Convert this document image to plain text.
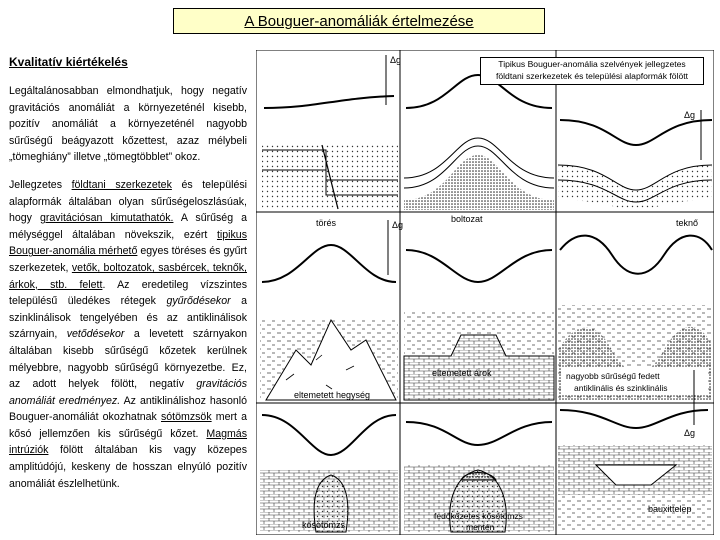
A Bouguer-anomáliák értelmezése
Kvalitatív kiértékelés

Legáltalánosabban elmondhatjuk, hogy negatív gravitációs anomáliát a környezeténél kisebb, pozitív anomáliát a környezeténél nagyobb sűrűségű beágyazott kőzettest, azaz mélybeli „tömeghiány” illetve „tömegtöbblet” okoz.

Jellegzetes földtani szerkezetek és települési alapformák általában olyan sűrűségeloszlásúak, hogy gravitációsan kimutathatók. A sűrűség a mélységgel általában növekszik, ezért tipikus Bouguer-anomália mérhető egyes töréses és gyűrt szerkezetek, vetők, boltozatok, sasbércek, teknők, árkok, stb. felett. Az eredetileg vízszintes településű üledékes rétegek gyűrődésekor a szinklinálisok tengelyében és az antiklinálisok szárnyain, vetődésekor a levetett szárnyakon általában kisebb sűrűségű kőzetek kerülnek mélyebbre, nagyobb sűrűségű környezetbe. Ez, az adott helyek fölött, negatív gravitációs anomáliát eredményez. Az antiklinálishoz hasonló Bouguer-anomáliát okozhatnak sótömzsök mert a kősó jellemzően kis sűrűségű kőzet. Magmás intrúziók fölött általában kis vagy közepes amplitúdójú, keskeny de hosszan elnyúló pozitív anomáliát észlelhetünk.

Δg
törés	boltozat
Δg
teknő
Δg
eltemetett hegység
eltemetett árok	nagyobb sűrűségű fedett
antiklinális és szinklinális
kősótömzs
fedőkőzetes kősótömzs
mentén
Δg
bauxittelep
Tipikus Bouguer-anomália szelvények jellegzetes
földtani szerkezetek és települési alapformák fölött
